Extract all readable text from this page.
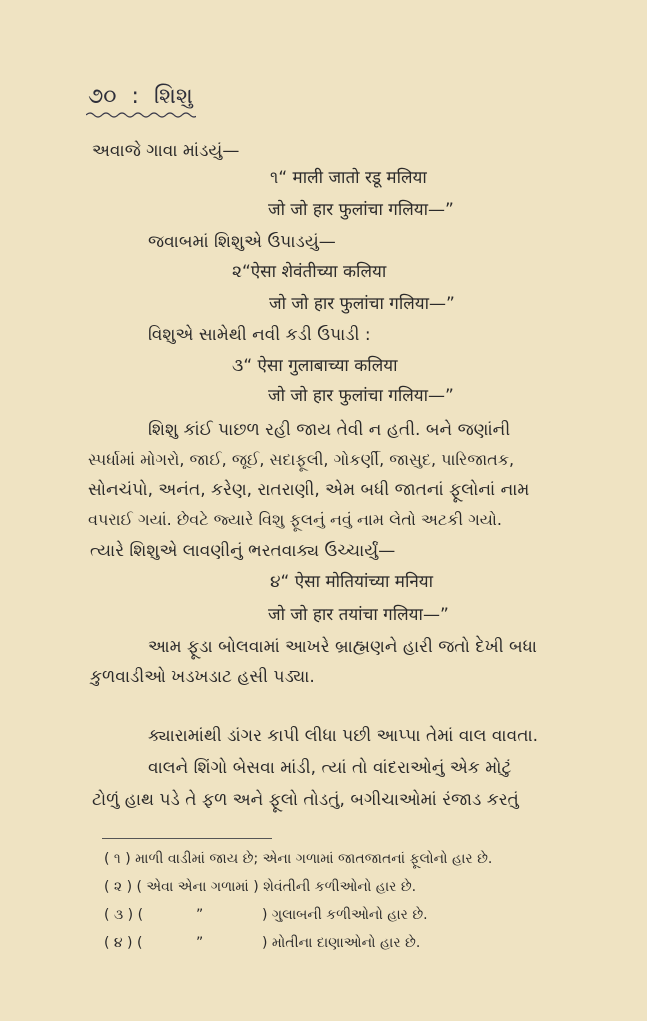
૭૦ : શિશુ
અવાજે ગાવા માંડયું—
૧“ माली जातो रडू मलिया
जो जो हार फुलांचा गलिया—”
જવાબમાં શિશુએ ઉપાડયું—
૨“ऐसा शेवंतीच्या कलिया
जो जो हार फुलांचा गलिया—”
વિશુએ સામેથી નવી કડી ઉપાડી :
૩“ ऐसा गुलाबाच्या कलिया
जो जो हार फुलांचा गलिया—”
શિશુ કાંઈ પાછળ રહી જાય તેવી ન હતી. બને જણાંની
સ્પર્ધામાં મોગરો, જાઈ, જૂઈ, સદાફૂલી, ગોકર્ણી, જાસુદ, પારિજાતક,
સોનચંપો, અનંત, કરેણ, રાતરાણી, એમ બધી જાતનાં ફૂલોનાં નામ
વપરાઈ ગયાં. છેવટે જ્યારે વિશુ ફૂલનું નવું નામ લેતો અટકી ગયો.
ત્યારે શિશુએ લાવણીનું ભરતવાક્ય ઉચ્ચાર્યું—
૪“ ऐसा मोतियांच्या मनिया
जो जो हार तयांचा गलिया—”
આમ ફૂડા બોલવામાં આખરે બ્રાહ્મણને હારી જતો દેખી બધા
કુળવાડીઓ ખડખડાટ હસી પડ્યા.
ક્યારામાંથી ડાંગર કાપી લીધા પછી આપ્પા તેમાં વાલ વાવતા.
વાલને શિંગો બેસવા માંડી, ત્યાં તો વાંદરાઓનું એક મોટું
ટોળું હાથ પડે તે ફળ અને ફૂલો તોડતું, બગીચાઓમાં રંજાડ કરતું
( ૧ ) માળી વાડીમાં જાય છે; એના ગળામાં જાતજાતનાં ફૂલોનો હાર છે.
( ૨ ) ( એવા એના ગળામાં ) શેવંતીની કળીઓનો હાર છે.
( ૩ ) (	”	) ગુલાબની કળીઓનો હાર છે.
( ૪ ) (	”	) મોતીના દાણાઓનો હાર છે.
